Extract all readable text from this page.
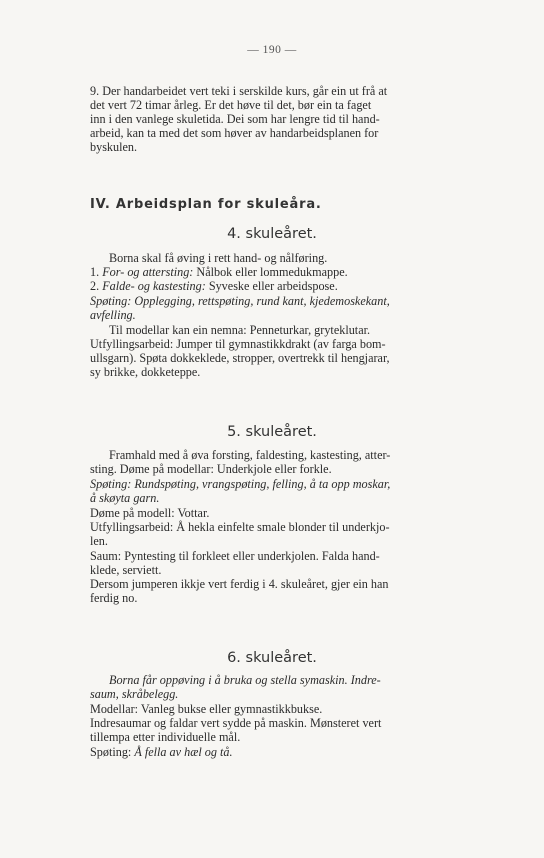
— 190 —
9. Der handarbeidet vert teki i serskilde kurs, går ein ut frå at
det vert 72 timar årleg. Er det høve til det, bør ein ta faget
inn i den vanlege skuletida. Dei som har lengre tid til hand-
arbeid, kan ta med det som høver av handarbeidsplanen for
byskulen.
IV. Arbeidsplan for skuleåra.
4. skuleåret.
Borna skal få øving i rett hand- og nålføring.
1. For- og attersting: Nålbok eller lommedukmappe.
2. Falde- og kastesting: Syveske eller arbeidspose.
Spøting: Opplegging, rettspøting, rund kant, kjedemoskekant,
avfelling.
Til modellar kan ein nemna: Penneturkar, gryteklutar.
Utfyllingsarbeid: Jumper til gymnastikkdrakt (av farga bom-
ullsgarn). Spøta dokkeklede, stropper, overtrekk til hengjarar,
sy brikke, dokketeppe.
5. skuleåret.
Framhald med å øva forsting, faldesting, kastesting, atter-
sting. Døme på modellar: Underkjole eller forkle.
Spøting: Rundspøting, vrangspøting, felling, å ta opp moskar,
å skøyta garn.
Døme på modell: Vottar.
Utfyllingsarbeid: Å hekla einfelte smale blonder til underkjo-
len.
Saum: Pyntesting til forkleet eller underkjolen. Falda hand-
klede, serviett.
Dersom jumperen ikkje vert ferdig i 4. skuleåret, gjer ein han
ferdig no.
6. skuleåret.
Borna får oppøving i å bruka og stella symaskin. Indre-
saum, skråbelegg.
Modellar: Vanleg bukse eller gymnastikkbukse.
Indresaumar og faldar vert sydde på maskin. Mønsteret vert
tillempa etter individuelle mål.
Spøting: Å fella av hæl og tå.
